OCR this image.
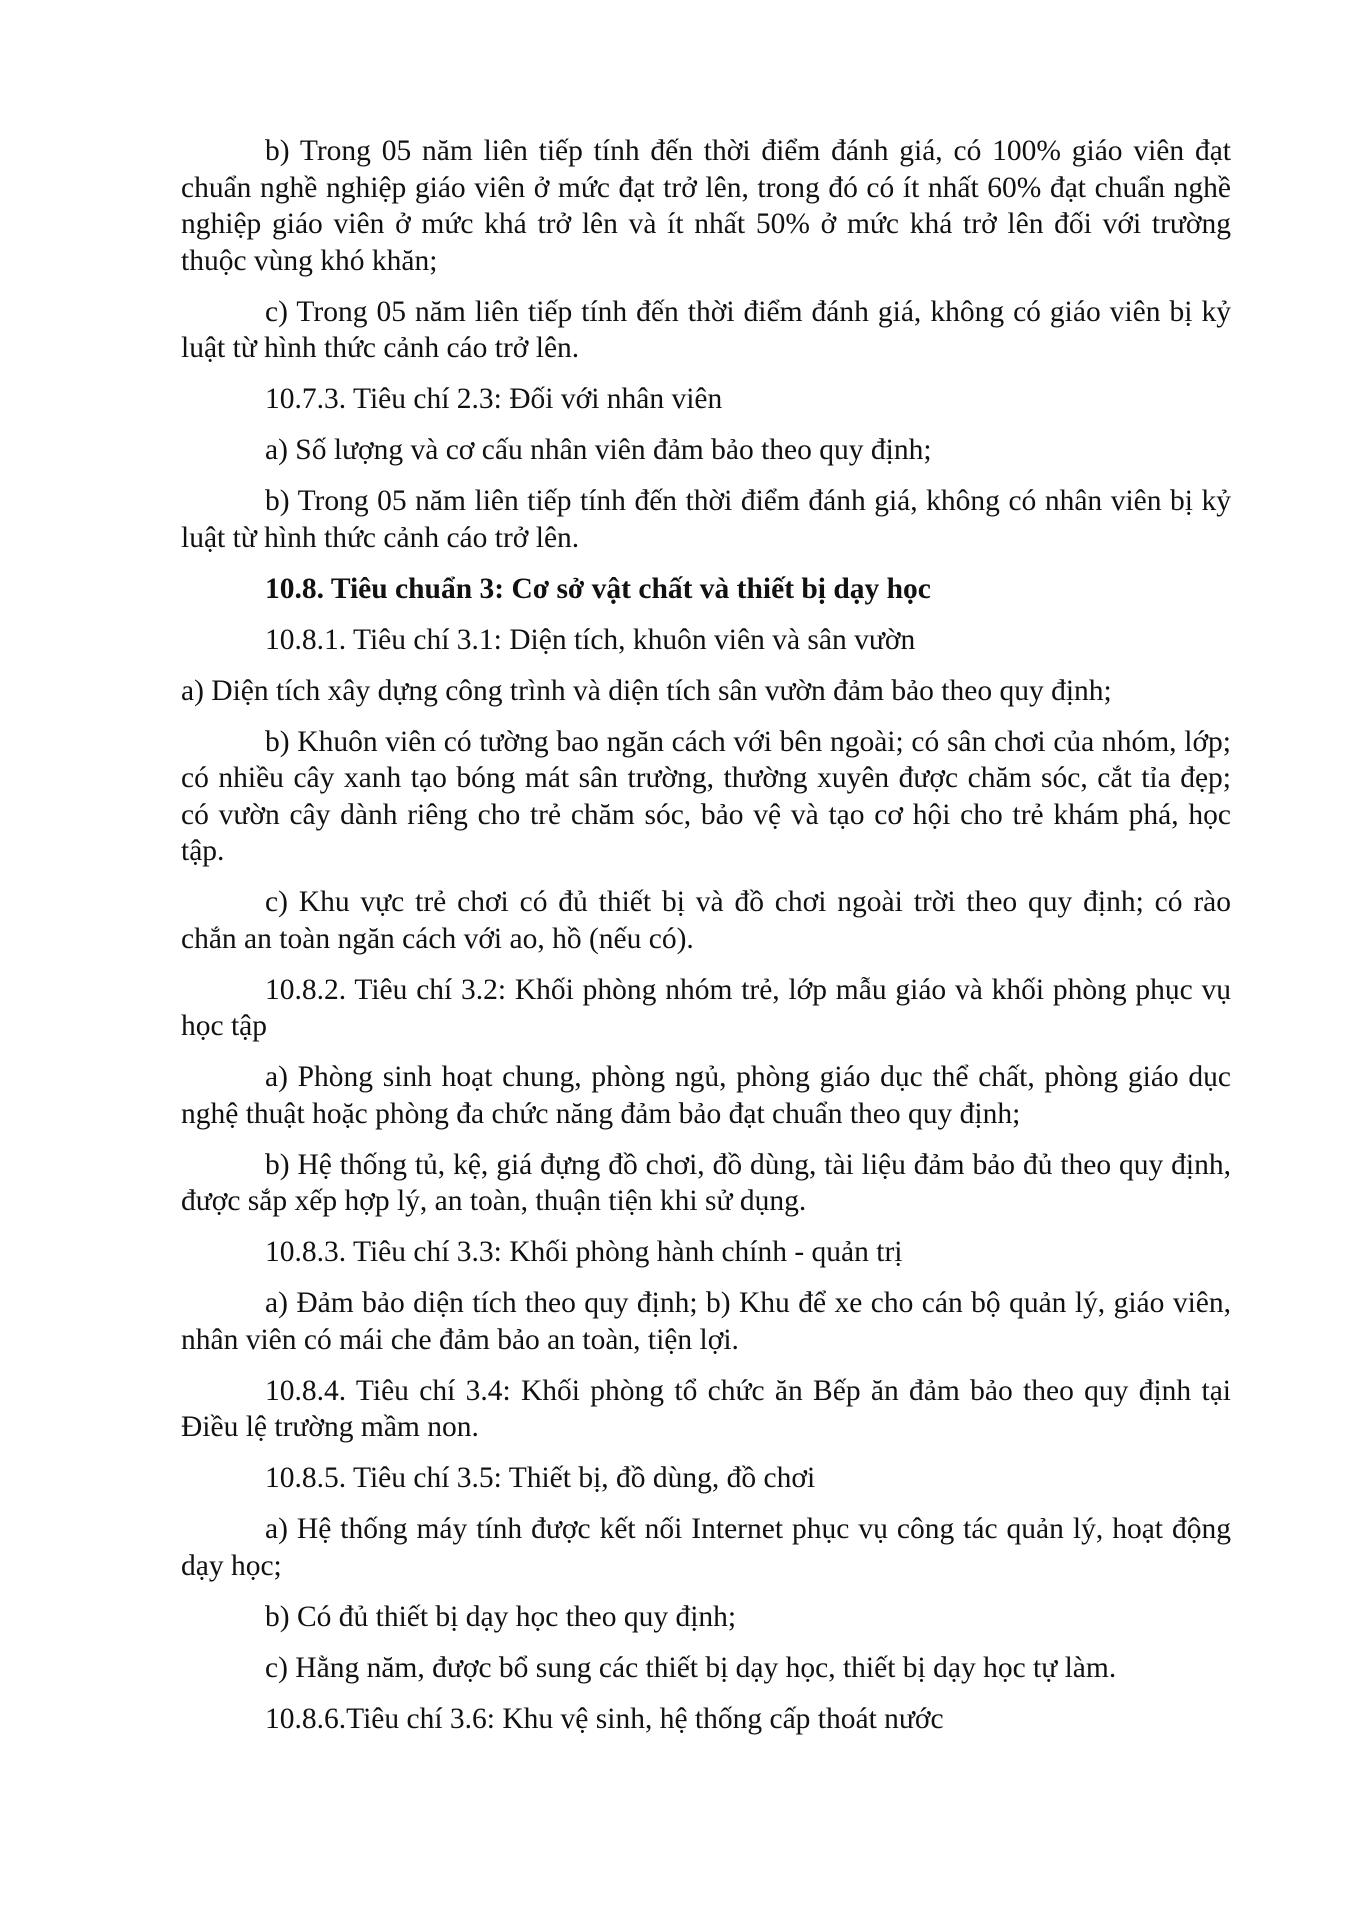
b) Trong 05 năm liên tiếp tính đến thời điểm đánh giá, có 100% giáo viên đạt chuẩn nghề nghiệp giáo viên ở mức đạt trở lên, trong đó có ít nhất 60% đạt chuẩn nghề nghiệp giáo viên ở mức khá trở lên và ít nhất 50% ở mức khá trở lên đối với trường thuộc vùng khó khăn;

c) Trong 05 năm liên tiếp tính đến thời điểm đánh giá, không có giáo viên bị kỷ luật từ hình thức cảnh cáo trở lên.

10.7.3. Tiêu chí 2.3: Đối với nhân viên

a) Số lượng và cơ cấu nhân viên đảm bảo theo quy định;

b) Trong 05 năm liên tiếp tính đến thời điểm đánh giá, không có nhân viên bị kỷ luật từ hình thức cảnh cáo trở lên.

10.8. Tiêu chuẩn 3: Cơ sở vật chất và thiết bị dạy học

10.8.1. Tiêu chí 3.1: Diện tích, khuôn viên và sân vườn

a) Diện tích xây dựng công trình và diện tích sân vườn đảm bảo theo quy định;

b) Khuôn viên có tường bao ngăn cách với bên ngoài; có sân chơi của nhóm, lớp; có nhiều cây xanh tạo bóng mát sân trường, thường xuyên được chăm sóc, cắt tỉa đẹp; có vườn cây dành riêng cho trẻ chăm sóc, bảo vệ và tạo cơ hội cho trẻ khám phá, học tập.

c) Khu vực trẻ chơi có đủ thiết bị và đồ chơi ngoài trời theo quy định; có rào chắn an toàn ngăn cách với ao, hồ (nếu có).

10.8.2. Tiêu chí 3.2: Khối phòng nhóm trẻ, lớp mẫu giáo và khối phòng phục vụ học tập

a) Phòng sinh hoạt chung, phòng ngủ, phòng giáo dục thể chất, phòng giáo dục nghệ thuật hoặc phòng đa chức năng đảm bảo đạt chuẩn theo quy định;

b) Hệ thống tủ, kệ, giá đựng đồ chơi, đồ dùng, tài liệu đảm bảo đủ theo quy định, được sắp xếp hợp lý, an toàn, thuận tiện khi sử dụng.

10.8.3. Tiêu chí 3.3: Khối phòng hành chính - quản trị

a) Đảm bảo diện tích theo quy định; b) Khu để xe cho cán bộ quản lý, giáo viên, nhân viên có mái che đảm bảo an toàn, tiện lợi.

10.8.4. Tiêu chí 3.4: Khối phòng tổ chức ăn Bếp ăn đảm bảo theo quy định tại Điều lệ trường mầm non.

10.8.5. Tiêu chí 3.5: Thiết bị, đồ dùng, đồ chơi

a) Hệ thống máy tính được kết nối Internet phục vụ công tác quản lý, hoạt động dạy học;

b) Có đủ thiết bị dạy học theo quy định;

c) Hằng năm, được bổ sung các thiết bị dạy học, thiết bị dạy học tự làm.

10.8.6.Tiêu chí 3.6: Khu vệ sinh, hệ thống cấp thoát nước
